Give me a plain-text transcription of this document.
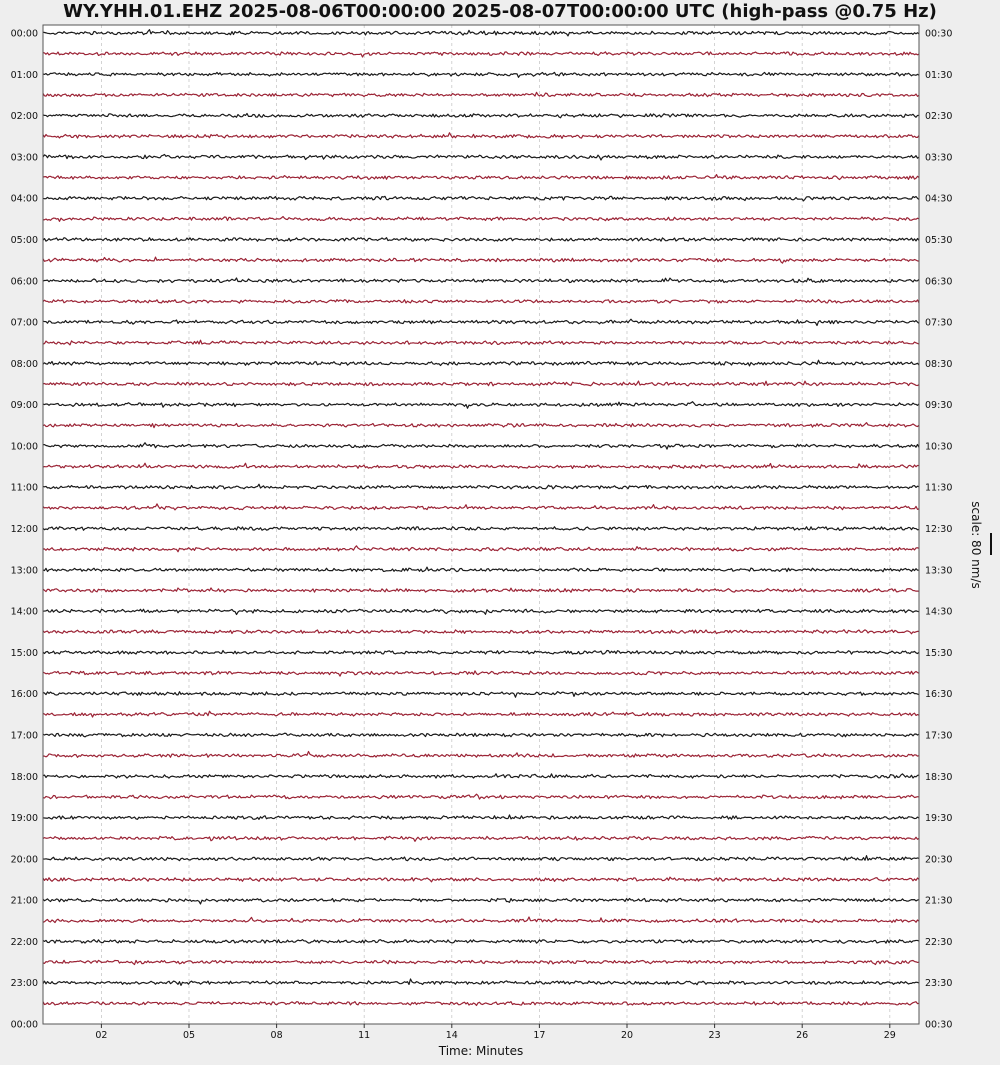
WY.YHH.01.EHZ 2025-08-06T00:00:00 2025-08-07T00:00:00 UTC (high-pass @0.75 Hz)
00:00
01:00
02:00
03:00
04:00
05:00
06:00
07:00
08:00
09:00
10:00
11:00
12:00
13:00
14:00
15:00
16:00
17:00
18:00
19:00
20:00
21:00
22:00
23:00
00:00
00:30
01:30
02:30
03:30
04:30
05:30
06:30
07:30
08:30
09:30
10:30
11:30
12:30
13:30
14:30
15:30
16:30
17:30
18:30
19:30
20:30
21:30
22:30
23:30
00:30
02	05	08	11	14	17	20	23	26	29
Time: Minutes
scale: 80 nm/s
